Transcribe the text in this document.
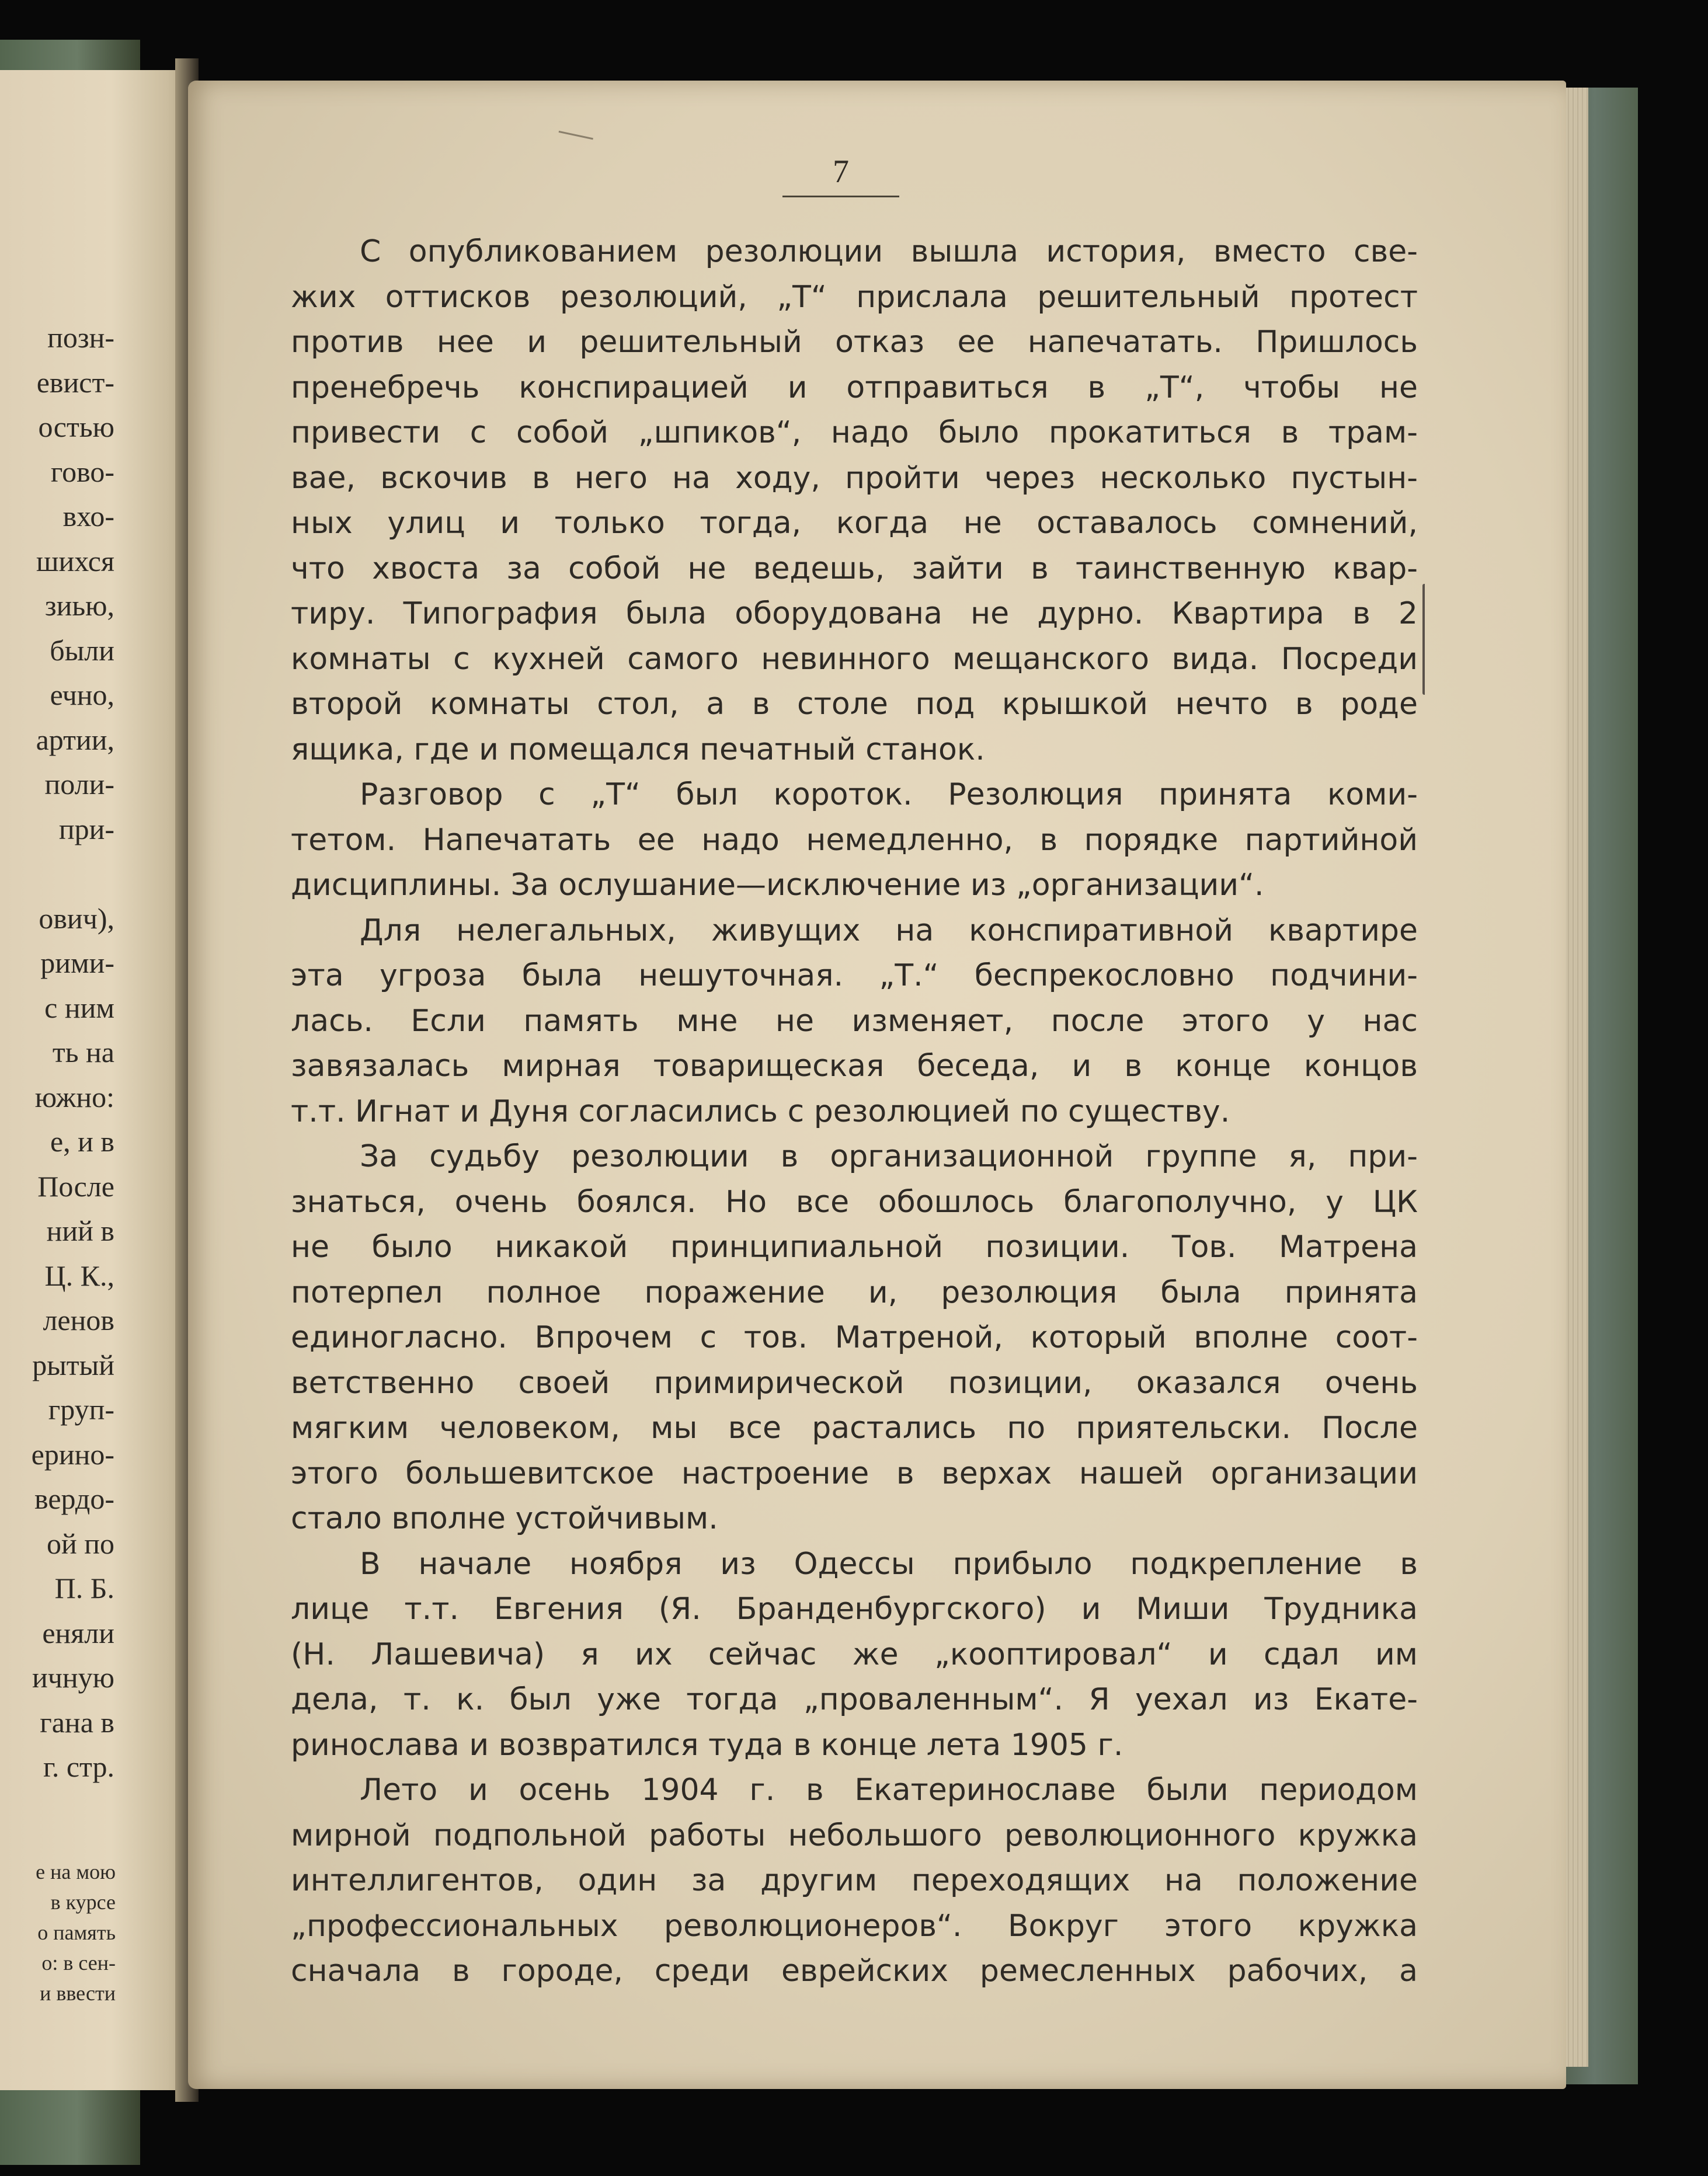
позн-
евист-
остью
гово-
вхо-
шихся
зиью,
были
ечно,
артии,
поли-
при-

ович),
рими-
с ним
ть на
южно:
е, и в
После
ний в
Ц. К.,
ленов
рытый
груп-
ерино-
вердо-
ой по
П. Б.
еняли
ичную
гана в
г. стр.
е на мою
в курсе
о память
о: в сен-
и ввести
7
С опубликованием резолюции вышла история, вместо све-
жих оттисков резолюций, „Т“ прислала решительный протест
против нее и решительный отказ ее напечатать. Пришлось
пренебречь конспирацией и отправиться в „Т“, чтобы не
привести с собой „шпиков“, надо было прокатиться в трам-
вае, вскочив в него на ходу, пройти через несколько пустын-
ных улиц и только тогда, когда не оставалось сомнений,
что хвоста за собой не ведешь, зайти в таинственную квар-
тиру. Типография была оборудована не дурно. Квартира в 2
комнаты с кухней самого невинного мещанского вида. Посреди
второй комнаты стол, а в столе под крышкой нечто в роде
ящика, где и помещался печатный станок.
Разговор с „Т“ был короток. Резолюция принята коми-
тетом. Напечатать ее надо немедленно, в порядке партийной
дисциплины. За ослушание—исключение из „организации“.
Для нелегальных, живущих на конспиративной квартире
эта угроза была нешуточная. „Т.“ беспрекословно подчини-
лась. Если память мне не изменяет, после этого у нас
завязалась мирная товарищеская беседа, и в конце концов
т.т. Игнат и Дуня согласились с резолюцией по существу.
За судьбу резолюции в организационной группе я, при-
знаться, очень боялся. Но все обошлось благополучно, у ЦК
не было никакой принципиальной позиции. Тов. Матрена
потерпел полное поражение и, резолюция была принята
единогласно. Впрочем с тов. Матреной, который вполне соот-
ветственно своей примирической позиции, оказался очень
мягким человеком, мы все растались по приятельски. После
этого большевитское настроение в верхах нашей организации
стало вполне устойчивым.
В начале ноября из Одессы прибыло подкрепление в
лице т.т. Евгения (Я. Бранденбургского) и Миши Трудника
(Н. Лашевича) я их сейчас же „кооптировал“ и сдал им
дела, т. к. был уже тогда „проваленным“. Я уехал из Екате-
ринослава и возвратился туда в конце лета 1905 г.
Лето и осень 1904 г. в Екатеринославе были периодом
мирной подпольной работы небольшого революционного кружка
интеллигентов, один за другим переходящих на положение
„профессиональных революционеров“. Вокруг этого кружка
сначала в городе, среди еврейских ремесленных рабочих, а
